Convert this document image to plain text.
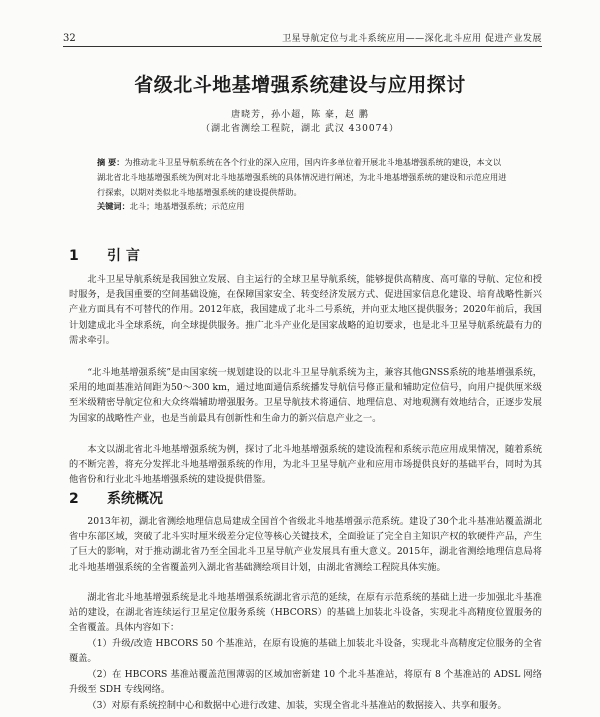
32	卫星导航定位与北斗系统应用——深化北斗应用 促进产业发展
省级北斗地基增强系统建设与应用探讨
唐晓芳，孙小超，陈 豪，赵 鹏
（湖北省测绘工程院，湖北 武汉 430074）
摘 要：为推动北斗卫星导航系统在各个行业的深入应用，国内许多单位着开展北斗地基增强系统的建设，本文以湖北省北斗地基增强系统为例对北斗地基增强系统的具体情况进行阐述，为北斗地基增强系统的建设和示范应用进行探索，以期对类似北斗地基增强系统的建设提供帮助。
关键词：北斗；地基增强系统；示范应用
1 引 言
北斗卫星导航系统是我国独立发展、自主运行的全球卫星导航系统，能够提供高精度、高可靠的导航、定位和授时服务，是我国重要的空间基础设施，在保障国家安全、转变经济发展方式、促进国家信息化建设、培育战略性新兴产业方面具有不可替代的作用。2012年底，我国建成了北斗二号系统，并向亚太地区提供服务；2020年前后，我国计划建成北斗全球系统，向全球提供服务。推广北斗产业化是国家战略的迫切要求，也是北斗卫星导航系统最有力的需求牵引。
“北斗地基增强系统”是由国家统一规划建设的以北斗卫星导航系统为主，兼容其他GNSS系统的地基增强系统，采用的地面基准站间距为50～300 km，通过地面通信系统播发导航信号修正量和辅助定位信号，向用户提供厘米级至米级精密导航定位和大众终端辅助增强服务。卫星导航技术将通信、地理信息、对地观测有效地结合，正逐步发展为国家的战略性产业，也是当前最具有创新性和生命力的新兴信息产业之一。
本文以湖北省北斗地基增强系统为例，探讨了北斗地基增强系统的建设流程和系统示范应用成果情况，随着系统的不断完善，将充分发挥北斗地基增强系统的作用，为北斗卫星导航产业和应用市场提供良好的基础平台，同时为其他省份和行业北斗地基增强系统的建设提供借鉴。
2 系统概况
2013年初，湖北省测绘地理信息局建成全国首个省级北斗地基增强示范系统。建设了30个北斗基准站覆盖湖北省中东部区域，突破了北斗实时厘米级差分定位等核心关键技术，全面验证了完全自主知识产权的软硬件产品，产生了巨大的影响，对于推动湖北省乃至全国北斗卫星导航产业发展具有重大意义。2015年，湖北省测绘地理信息局将北斗地基增强系统的全省覆盖列入湖北省基础测绘项目计划，由湖北省测绘工程院具体实施。
湖北省北斗地基增强系统是北斗地基增强系统湖北省示范的延续，在原有示范系统的基础上进一步加强北斗基准站的建设，在湖北省连续运行卫星定位服务系统（HBCORS）的基础上加装北斗设备，实现北斗高精度位置服务的全省覆盖。具体内容如下：
（1）升级/改造 HBCORS 50 个基准站，在原有设施的基础上加装北斗设备，实现北斗高精度定位服务的全省覆盖。
（2）在 HBCORS 基准站覆盖范围薄弱的区域加密新建 10 个北斗基准站，将原有 8 个基准站的 ADSL 网络升级至 SDH 专线网络。
（3）对原有系统控制中心和数据中心进行改建、加装，实现全省北斗基准站的数据接入、共享和服务。
